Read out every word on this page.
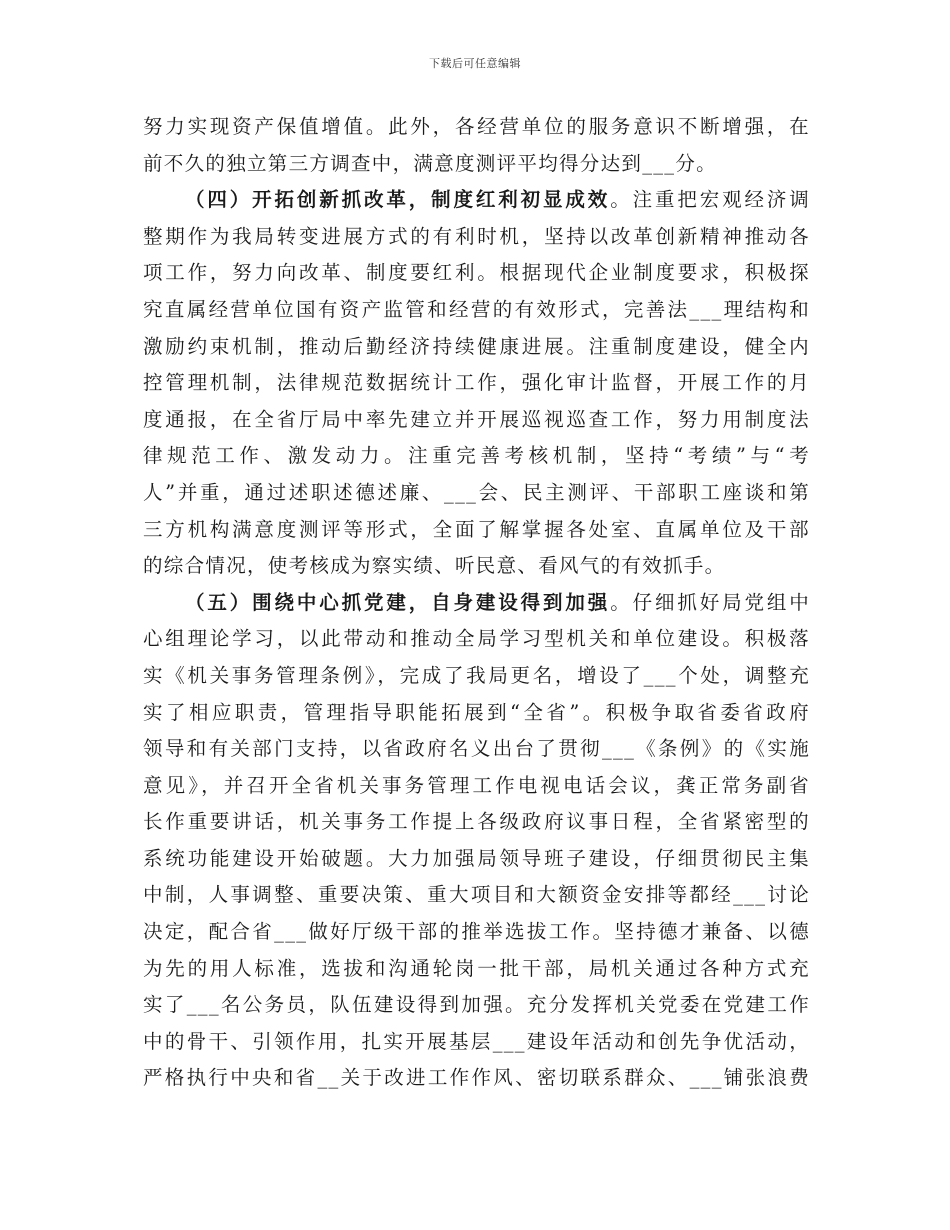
下载后可任意编辑
努力实现资产保值增值。此外，各经营单位的服务意识不断增强，在
前不久的独立第三方调查中，满意度测评平均得分达到___分。
（四）开拓创新抓改革，制度红利初显成效。注重把宏观经济调
整期作为我局转变进展方式的有利时机，坚持以改革创新精神推动各
项工作，努力向改革、制度要红利。根据现代企业制度要求，积极探
究直属经营单位国有资产监管和经营的有效形式，完善法___理结构和
激励约束机制，推动后勤经济持续健康进展。注重制度建设，健全内
控管理机制，法律规范数据统计工作，强化审计监督，开展工作的月
度通报，在全省厅局中率先建立并开展巡视巡查工作，努力用制度法
律规范工作、激发动力。注重完善考核机制，坚持“考绩”与“考
人”并重，通过述职述德述廉、___会、民主测评、干部职工座谈和第
三方机构满意度测评等形式，全面了解掌握各处室、直属单位及干部
的综合情况，使考核成为察实绩、听民意、看风气的有效抓手。
（五）围绕中心抓党建，自身建设得到加强。仔细抓好局党组中
心组理论学习，以此带动和推动全局学习型机关和单位建设。积极落
实《机关事务管理条例》，完成了我局更名，增设了___个处，调整充
实了相应职责，管理指导职能拓展到“全省”。积极争取省委省政府
领导和有关部门支持，以省政府名义出台了贯彻___《条例》的《实施
意见》，并召开全省机关事务管理工作电视电话会议，龚正常务副省
长作重要讲话，机关事务工作提上各级政府议事日程，全省紧密型的
系统功能建设开始破题。大力加强局领导班子建设，仔细贯彻民主集
中制，人事调整、重要决策、重大项目和大额资金安排等都经___讨论
决定，配合省___做好厅级干部的推举选拔工作。坚持德才兼备、以德
为先的用人标准，选拔和沟通轮岗一批干部，局机关通过各种方式充
实了___名公务员，队伍建设得到加强。充分发挥机关党委在党建工作
中的骨干、引领作用，扎实开展基层___建设年活动和创先争优活动，
严格执行中央和省__关于改进工作作风、密切联系群众、___铺张浪费
